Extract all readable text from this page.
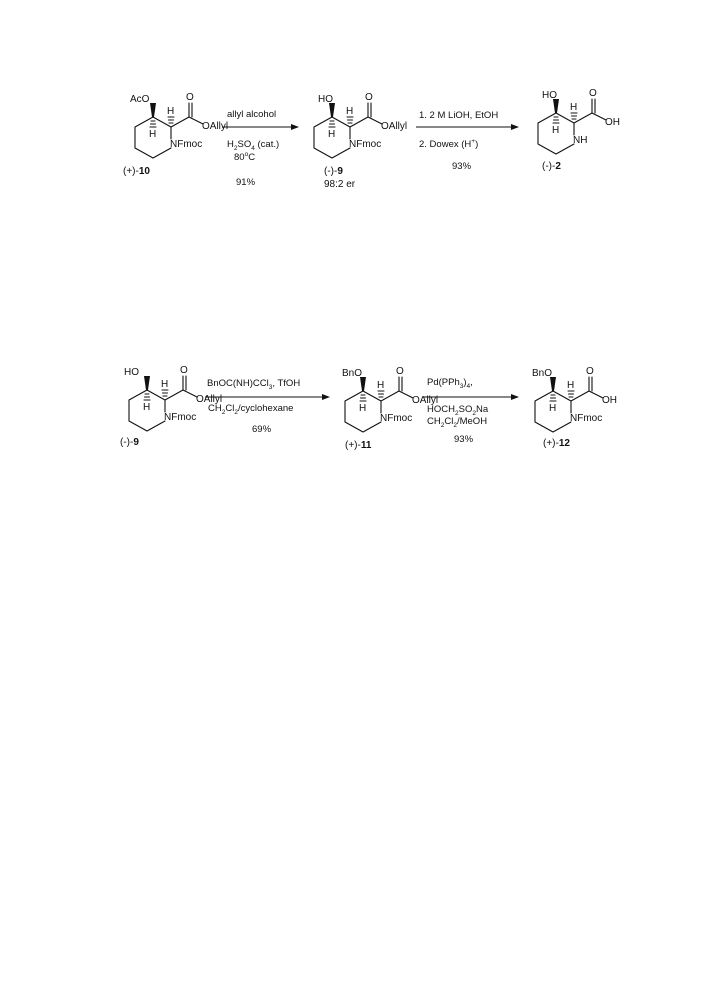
AcO	O
OAllyl
NFmoc
H
H
(+)-10
allyl alcohol
$H_2SO_4$ (cat.)
80$^o$C
91%
HO	O
OAllyl
NFmoc
H
H
(-)-9
98:2 er
1. 2 M LiOH, EtOH
2. Dowex (H+)
93%
HO	O
OH
NH
H
H
(-)-2
HO	O
OAllyl
NFmoc
H
H
(-)-9
BnOC(NH)CCl$_3$, TfOH
$CH_2Cl_2$/cyclohexane
69%
BnO	O
OAllyl
NFmoc
H
H
(+)-11
$Pd(PPh_3)_4$,
$HOCH_2SO_2Na$
$CH_2Cl_2$/MeOH
93%
BnO	O
OH
NFmoc
H
H
(+)-12
